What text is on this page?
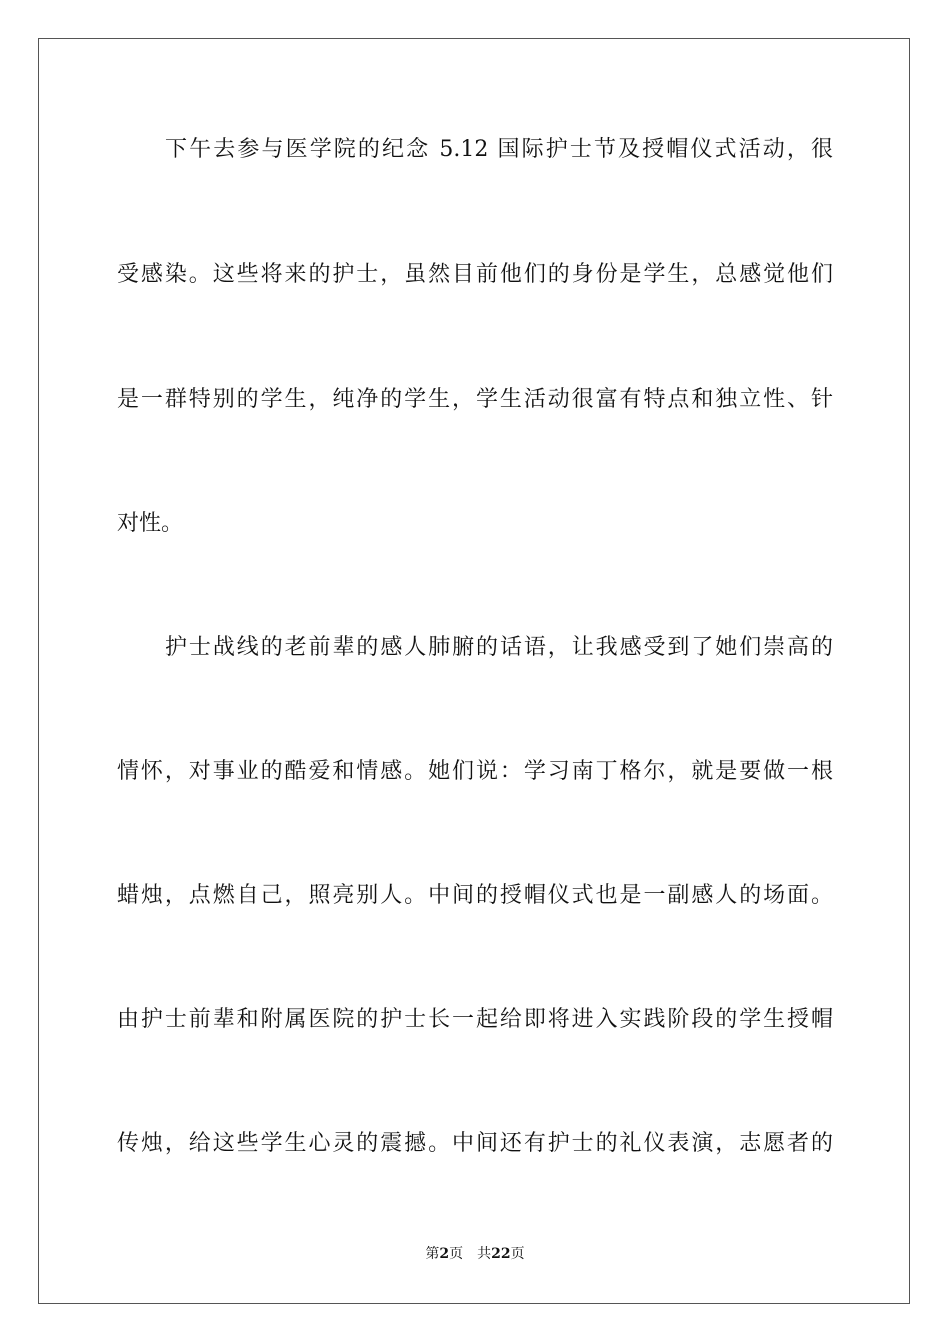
下午去参与医学院的纪念 5.12 国际护士节及授帽仪式活动，很
受感染。这些将来的护士，虽然目前他们的身份是学生，总感觉他们
是一群特别的学生，纯净的学生，学生活动很富有特点和独立性、针
对性。
护士战线的老前辈的感人肺腑的话语，让我感受到了她们崇高的
情怀，对事业的酷爱和情感。她们说：学习南丁格尔，就是要做一根
蜡烛，点燃自己，照亮别人。中间的授帽仪式也是一副感人的场面。
由护士前辈和附属医院的护士长一起给即将进入实践阶段的学生授帽
传烛，给这些学生心灵的震撼。中间还有护士的礼仪表演，志愿者的
第2页 共22页
